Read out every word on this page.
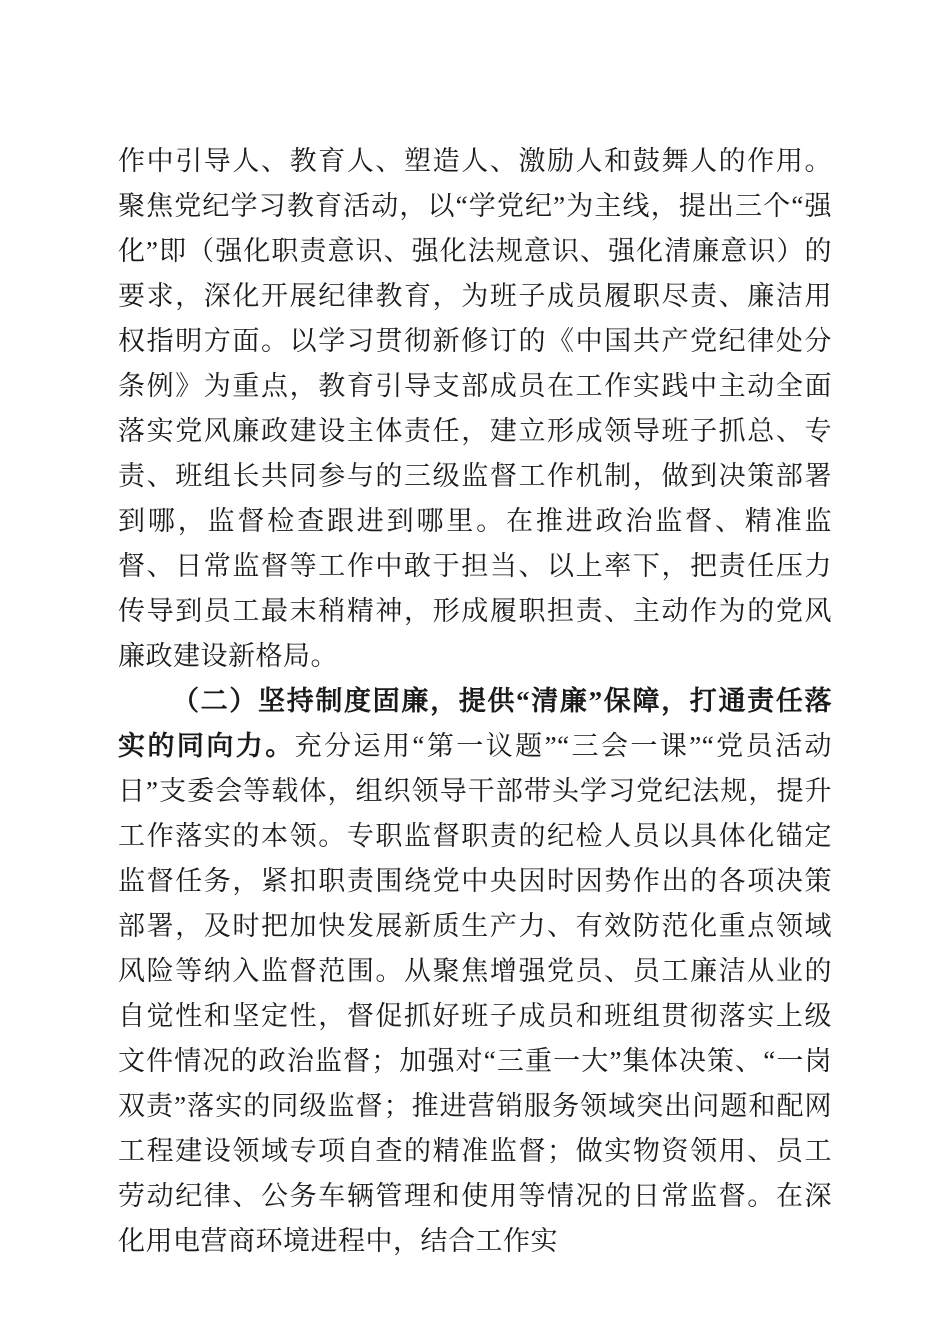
作中引导人、教育人、塑造人、激励人和鼓舞人的作用。聚焦党纪学习教育活动，以“学党纪”为主线，提出三个“强化”即（强化职责意识、强化法规意识、强化清廉意识）的要求，深化开展纪律教育，为班子成员履职尽责、廉洁用权指明方面。以学习贯彻新修订的《中国共产党纪律处分条例》为重点，教育引导支部成员在工作实践中主动全面落实党风廉政建设主体责任，建立形成领导班子抓总、专责、班组长共同参与的三级监督工作机制，做到决策部署到哪，监督检查跟进到哪里。在推进政治监督、精准监督、日常监督等工作中敢于担当、以上率下，把责任压力传导到员工最末稍精神，形成履职担责、主动作为的党风廉政建设新格局。

（二）坚持制度固廉，提供“清廉”保障，打通责任落实的同向力。充分运用“第一议题”“三会一课”“党员活动日”支委会等载体，组织领导干部带头学习党纪法规，提升工作落实的本领。专职监督职责的纪检人员以具体化锚定监督任务，紧扣职责围绕党中央因时因势作出的各项决策部署，及时把加快发展新质生产力、有效防范化重点领域风险等纳入监督范围。从聚焦增强党员、员工廉洁从业的自觉性和坚定性，督促抓好班子成员和班组贯彻落实上级文件情况的政治监督；加强对“三重一大”集体决策、“一岗双责”落实的同级监督；推进营销服务领域突出问题和配网工程建设领域专项自查的精准监督；做实物资领用、员工劳动纪律、公务车辆管理和使用等情况的日常监督。在深化用电营商环境进程中，结合工作实
